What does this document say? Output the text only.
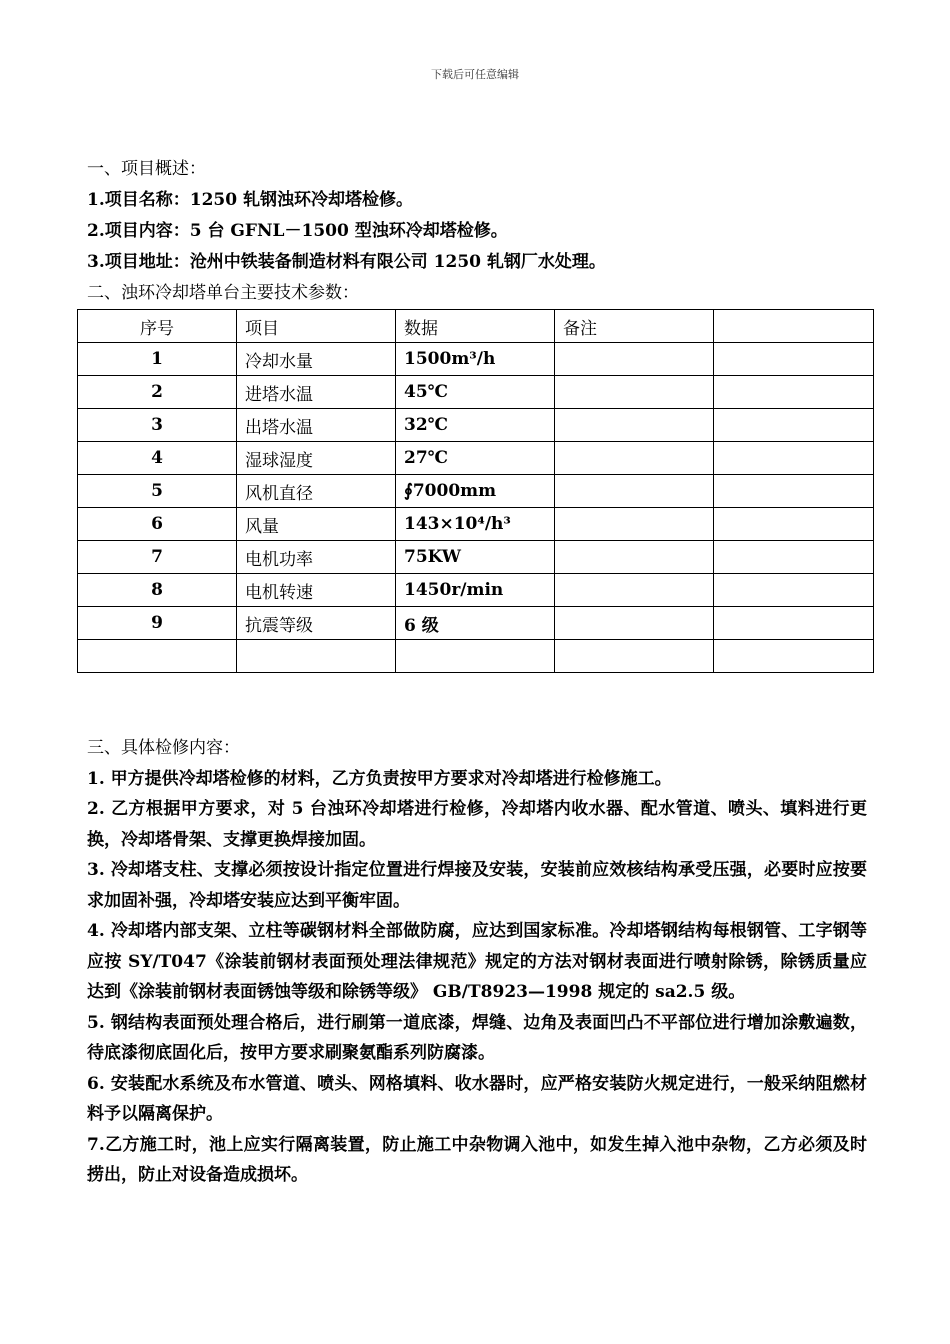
下载后可任意编辑
一、项目概述：
1.项目名称：1250 轧钢浊环冷却塔检修。
2.项目内容：5 台 GFNL－1500 型浊环冷却塔检修。
3.项目地址：沧州中铁装备制造材料有限公司 1250 轧钢厂水处理。
二、浊环冷却塔单台主要技术参数：
序号	项目	数据	备注	
1	冷却水量	1500m³/h		
2	进塔水温	45℃		
3	出塔水温	32℃		
4	湿球湿度	27℃		
5	风机直径	∮7000mm		
6	风量	143×10⁴/h³		
7	电机功率	75KW		
8	电机转速	1450r/min		
9	抗震等级	6 级		

三、具体检修内容：
1. 甲方提供冷却塔检修的材料，乙方负责按甲方要求对冷却塔进行检修施工。
2. 乙方根据甲方要求，对 5 台浊环冷却塔进行检修，冷却塔内收水器、配水管道、喷头、填料进行更换，冷却塔骨架、支撑更换焊接加固。
3. 冷却塔支柱、支撑必须按设计指定位置进行焊接及安装，安装前应效核结构承受压强，必要时应按要求加固补强，冷却塔安装应达到平衡牢固。
4. 冷却塔内部支架、立柱等碳钢材料全部做防腐，应达到国家标准。冷却塔钢结构每根钢管、工字钢等应按 SY/T047《涂装前钢材表面预处理法律规范》规定的方法对钢材表面进行喷射除锈，除锈质量应达到《涂装前钢材表面锈蚀等级和除锈等级》 GB/T8923—1998 规定的 sa2.5 级。
5. 钢结构表面预处理合格后，进行刷第一道底漆，焊缝、边角及表面凹凸不平部位进行增加涂敷遍数，待底漆彻底固化后，按甲方要求刷聚氨酯系列防腐漆。
6. 安装配水系统及布水管道、喷头、网格填料、收水器时，应严格安装防火规定进行，一般采纳阻燃材料予以隔离保护。
7.乙方施工时，池上应实行隔离装置，防止施工中杂物调入池中，如发生掉入池中杂物，乙方必须及时捞出，防止对设备造成损坏。
